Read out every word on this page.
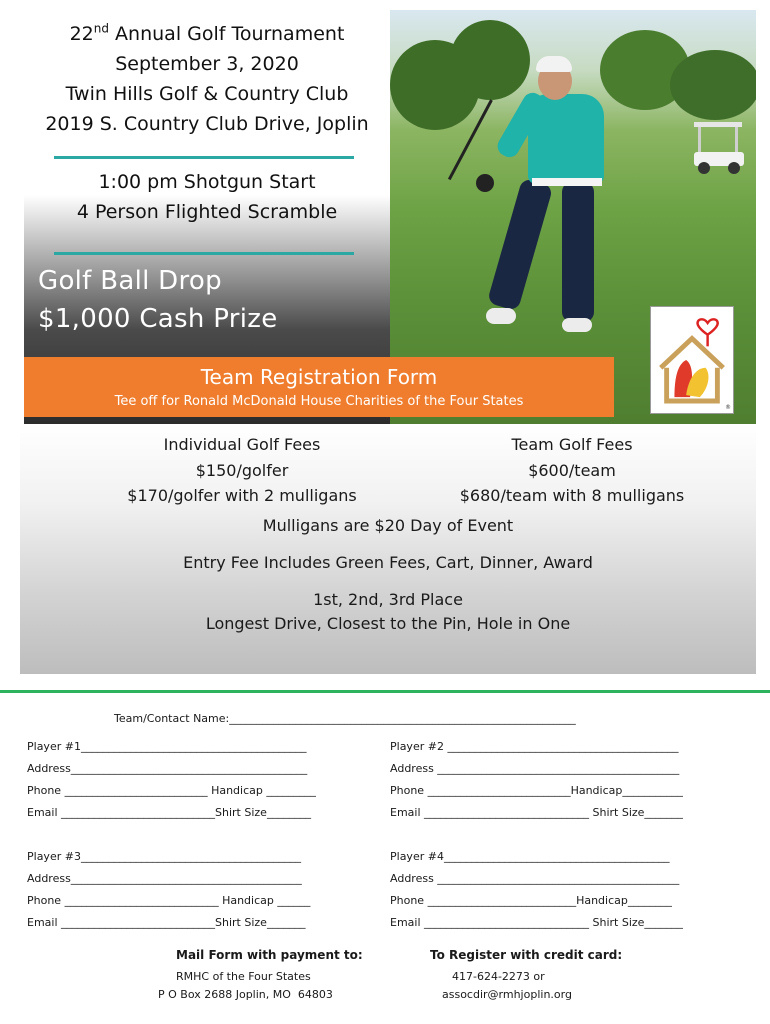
22nd Annual Golf Tournament
September 3, 2020
Twin Hills Golf & Country Club
2019 S. Country Club Drive, Joplin
1:00 pm Shotgun Start
4 Person Flighted Scramble
Golf Ball Drop
$1,000 Cash Prize
®
Team Registration Form
Tee off for Ronald McDonald House Charities of the Four States
Individual Golf Fees
$150/golfer
$170/golfer with 2 mulligans
Team Golf Fees
$600/team
$680/team with 8 mulligans
Mulligans are $20 Day of Event
Entry Fee Includes Green Fees, Cart, Dinner, Award
1st, 2nd, 3rd Place
Longest Drive, Closest to the Pin, Hole in One
Team/Contact Name:_______________________________________________________________
Player #1_________________________________________
Address___________________________________________
Phone __________________________ Handicap _________
Email ____________________________Shirt Size________
Player #2 __________________________________________
Address ____________________________________________
Phone __________________________Handicap___________
Email ______________________________ Shirt Size_______
Player #3________________________________________
Address__________________________________________
Phone ____________________________ Handicap ______
Email ____________________________Shirt Size_______
Player #4_________________________________________
Address ____________________________________________
Phone ___________________________Handicap________
Email ______________________________ Shirt Size_______
Mail Form with payment to:
RMHC of the Four States
P O Box 2688 Joplin, MO  64803
To Register with credit card:
417-624-2273 or
assocdir@rmhjoplin.org
